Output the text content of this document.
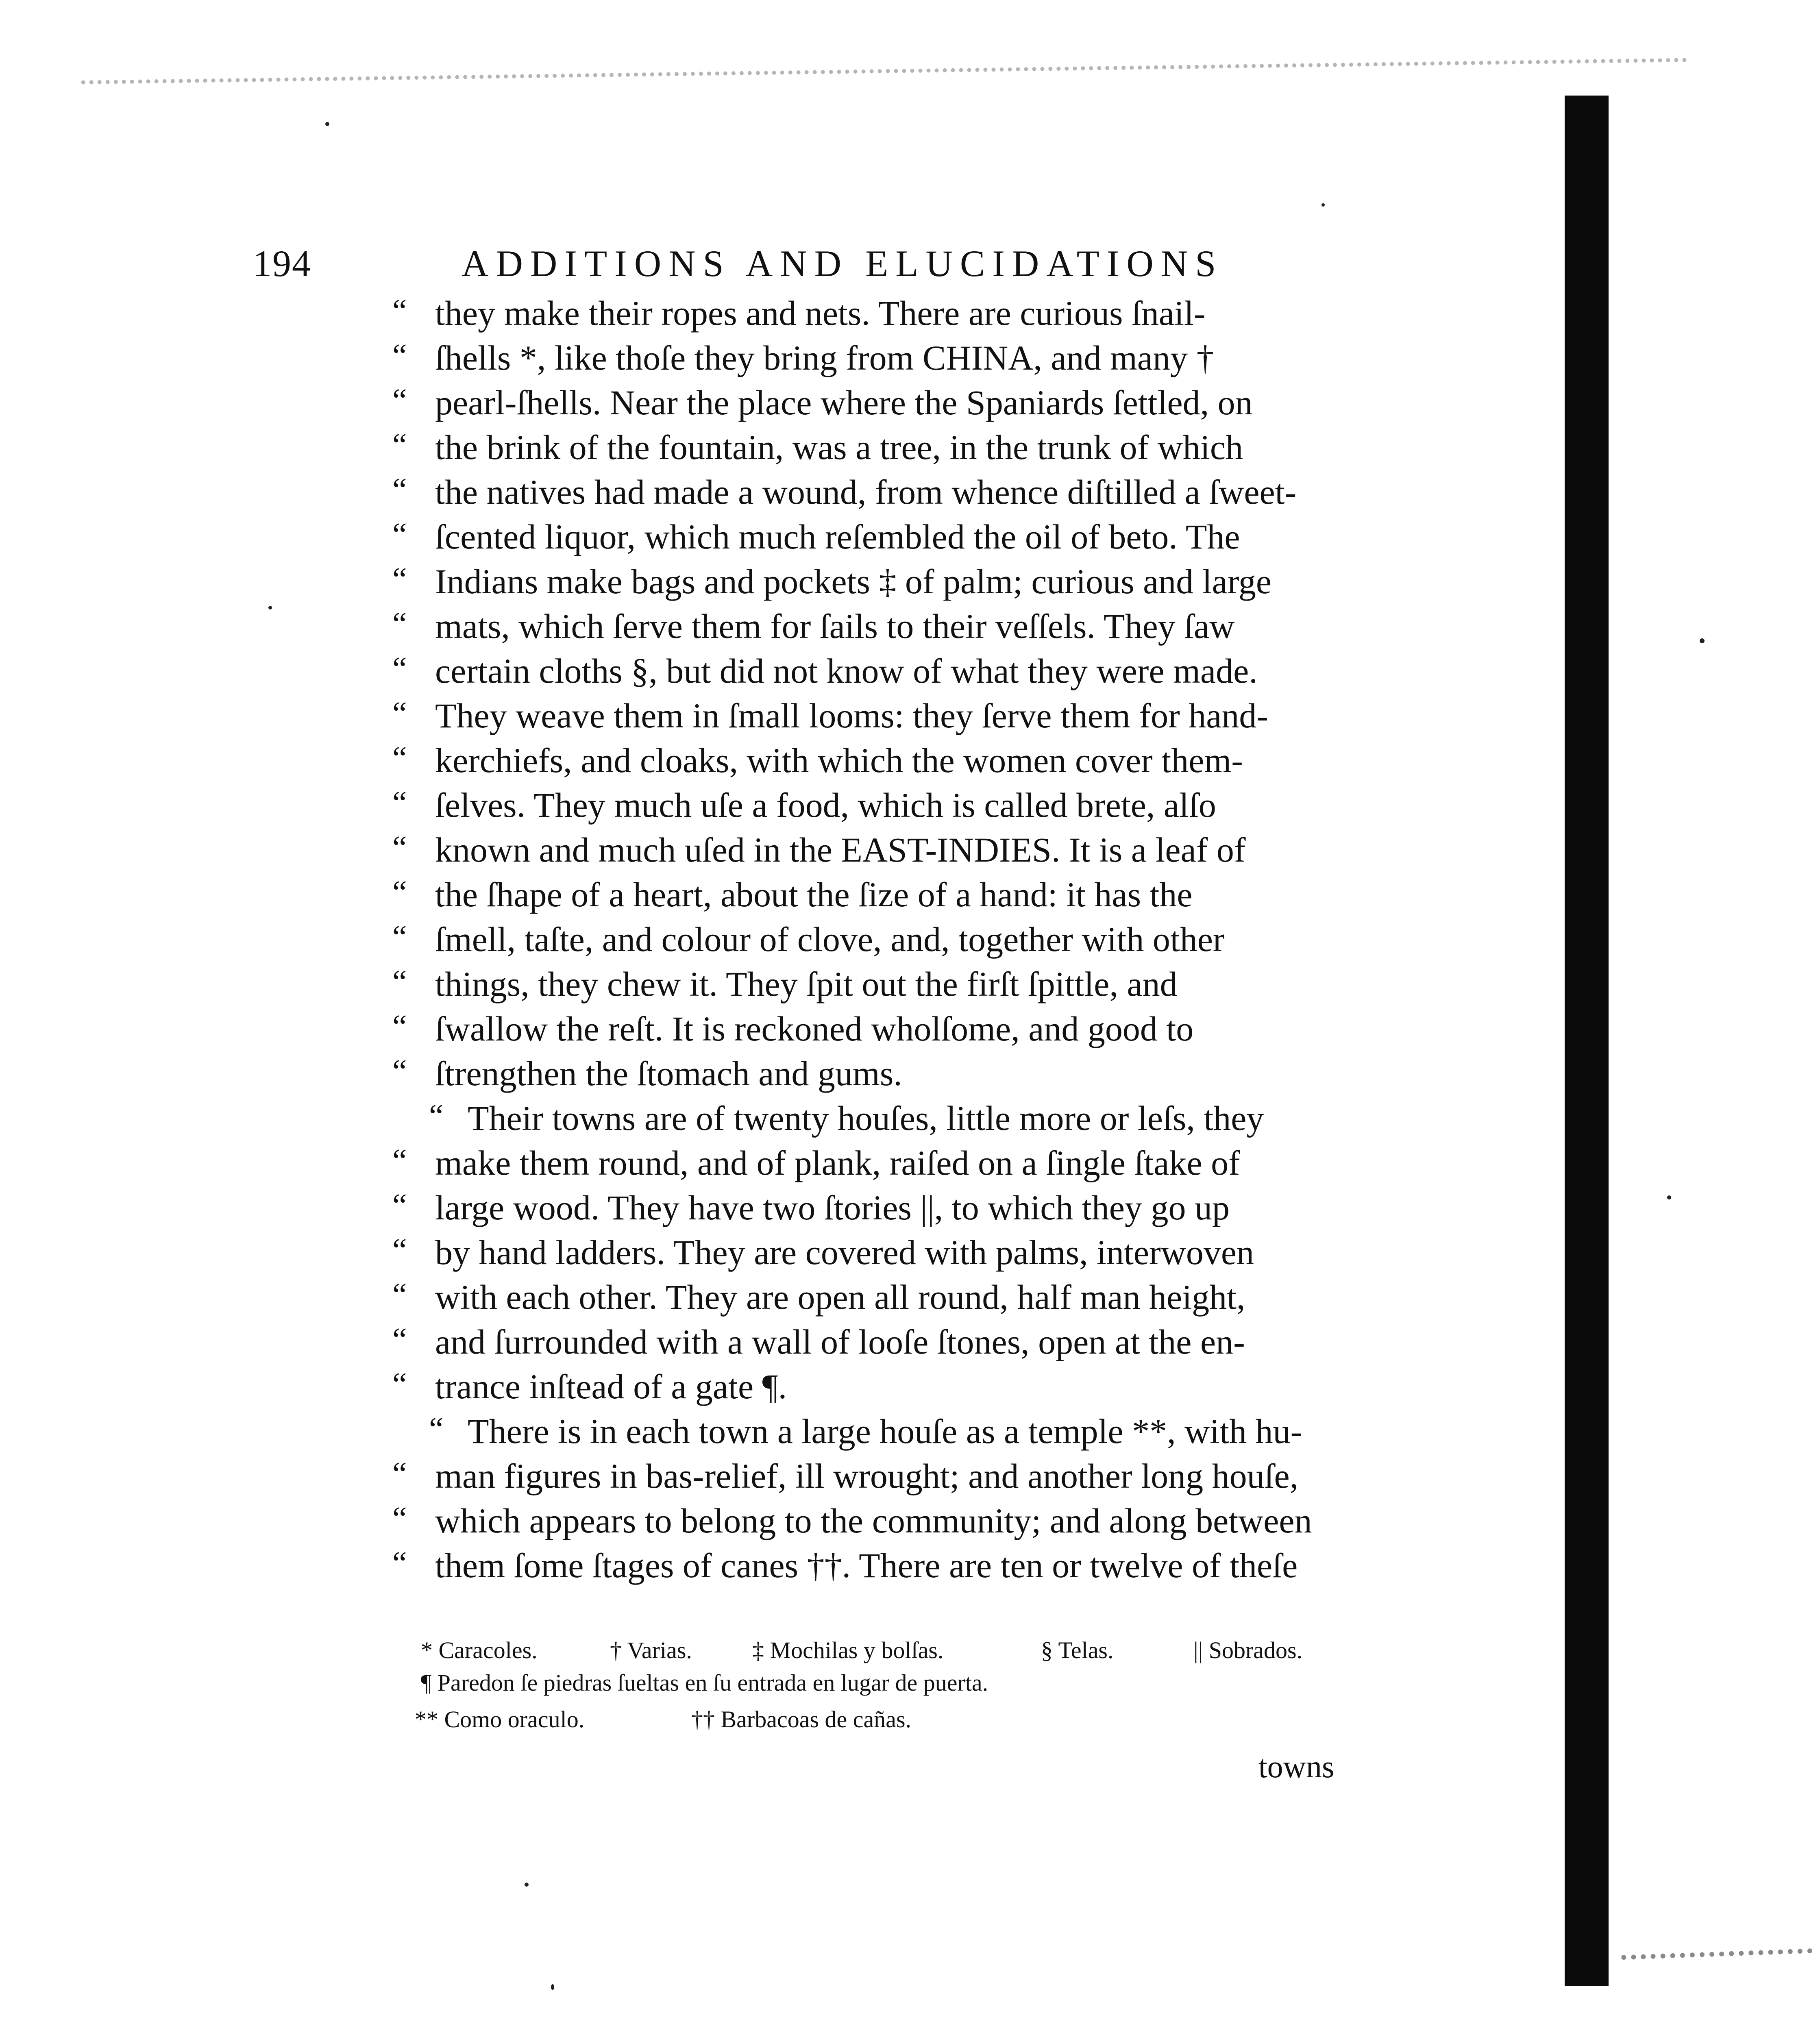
194	ADDITIONS AND ELUCIDATIONS
“ they make their ropes and nets. There are curious ſnail-
“ ſhells *, like thoſe they bring from CHINA, and many †
“ pearl-ſhells. Near the place where the Spaniards ſettled, on
“ the brink of the fountain, was a tree, in the trunk of which
“ the natives had made a wound, from whence diſtilled a ſweet-
“ ſcented liquor, which much reſembled the oil of beto. The
“ Indians make bags and pockets ‡ of palm; curious and large
“ mats, which ſerve them for ſails to their veſſels. They ſaw
“ certain cloths §, but did not know of what they were made.
“ They weave them in ſmall looms: they ſerve them for hand-
“ kerchiefs, and cloaks, with which the women cover them-
“ ſelves. They much uſe a food, which is called brete, alſo
“ known and much uſed in the EAST-INDIES. It is a leaf of
“ the ſhape of a heart, about the ſize of a hand: it has the
“ ſmell, taſte, and colour of clove, and, together with other
“ things, they chew it. They ſpit out the firſt ſpittle, and
“ ſwallow the reſt. It is reckoned wholſome, and good to
“ ſtrengthen the ſtomach and gums.
“ Their towns are of twenty houſes, little more or leſs, they
“ make them round, and of plank, raiſed on a ſingle ſtake of
“ large wood. They have two ſtories ||, to which they go up
“ by hand ladders. They are covered with palms, interwoven
“ with each other. They are open all round, half man height,
“ and ſurrounded with a wall of looſe ſtones, open at the en-
“ trance inſtead of a gate ¶.
“ There is in each town a large houſe as a temple **, with hu-
“ man figures in bas-relief, ill wrought; and another long houſe,
“ which appears to belong to the community; and along between
“ them ſome ſtages of canes ††. There are ten or twelve of theſe
* Caracoles.	† Varias.	‡ Mochilas y bolſas.	§ Telas.	|| Sobrados.
¶ Paredon ſe piedras ſueltas en ſu entrada en lugar de puerta.
** Como oraculo.	†† Barbacoas de cañas.
towns
